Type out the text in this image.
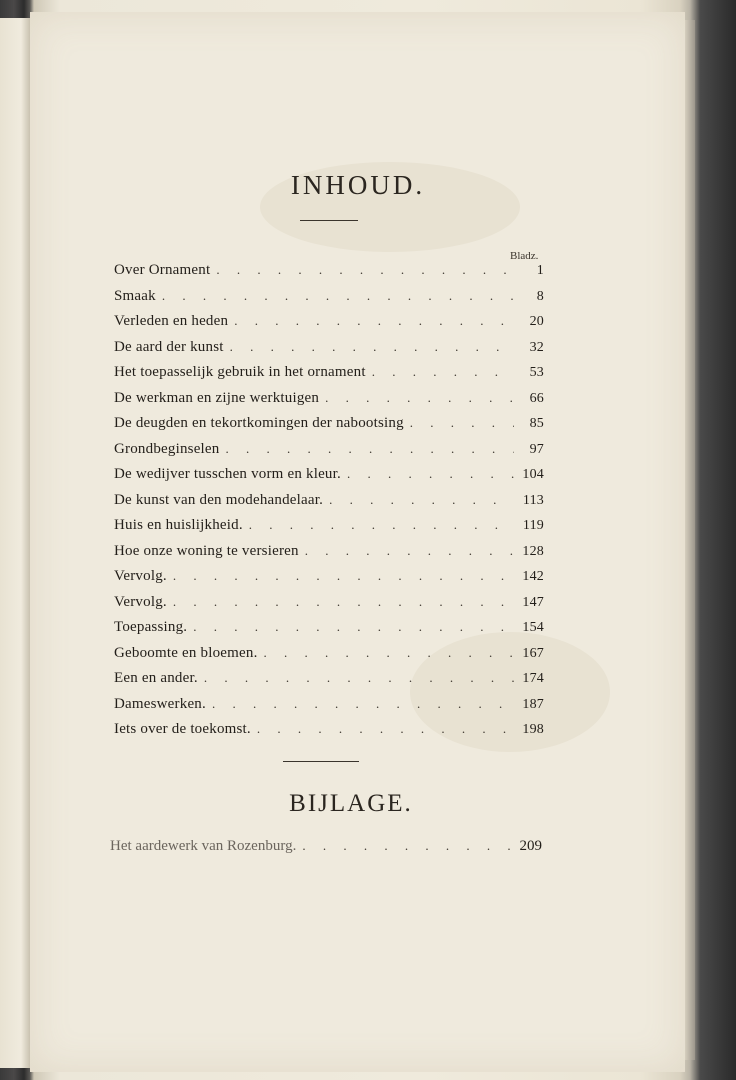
INHOUD.
Bladz.
Over Ornament . . .	1
Smaak . . .	8
Verleden en heden . . .	20
De aard der kunst . . .	32
Het toepasselijk gebruik in het ornament . . .	53
De werkman en zijne werktuigen . . .	66
De deugden en tekortkomingen der nabootsing . . .	85
Grondbeginselen . . .	97
De wedijver tusschen vorm en kleur. . . .	104
De kunst van den modehandelaar. . . .	113
Huis en huislijkheid. . . .	119
Hoe onze woning te versieren . . .	128
Vervolg. . . .	142
Vervolg. . . .	147
Toepassing. . . .	154
Geboomte en bloemen. . . .	167
Een en ander. . . .	174
Dameswerken. . . .	187
Iets over de toekomst. . . .	198
BIJLAGE.
Het aardewerk van Rozenburg. . . .	209
